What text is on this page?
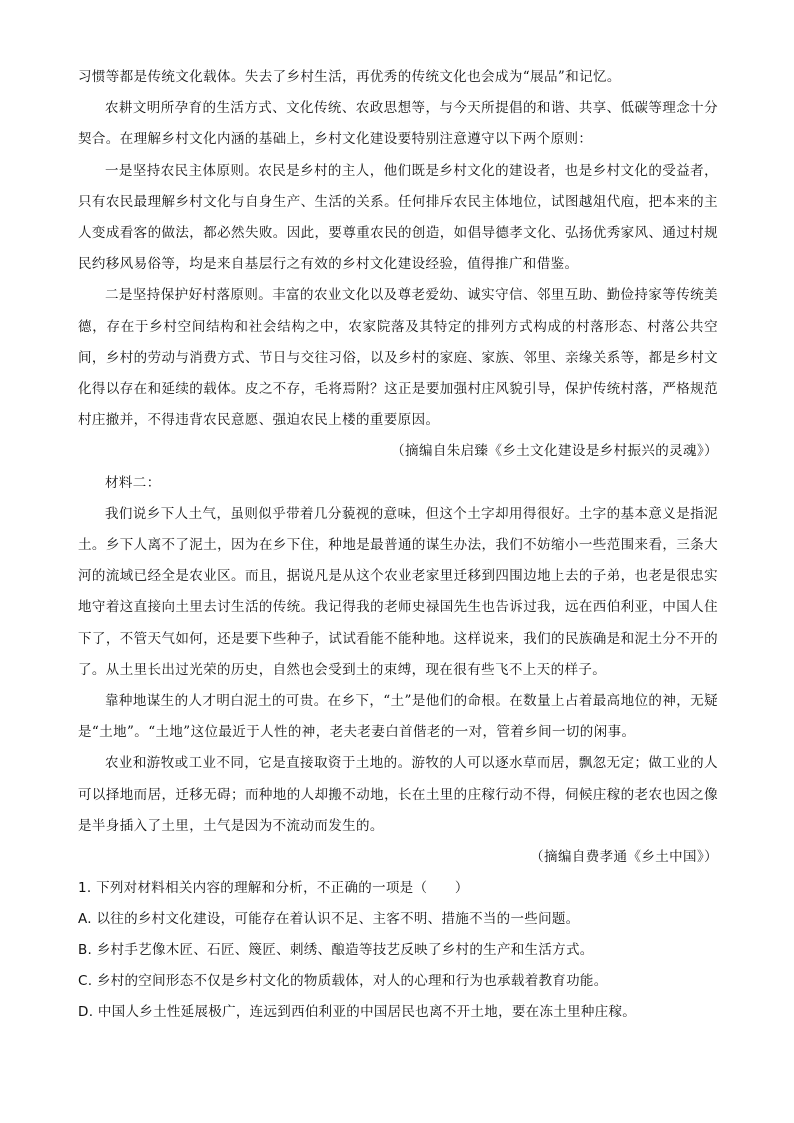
习惯等都是传统文化载体。失去了乡村生活，再优秀的传统文化也会成为“展品”和记忆。

农耕文明所孕育的生活方式、文化传统、农政思想等，与今天所提倡的和谐、共享、低碳等理念十分契合。在理解乡村文化内涵的基础上，乡村文化建设要特别注意遵守以下两个原则：

一是坚持农民主体原则。农民是乡村的主人，他们既是乡村文化的建设者，也是乡村文化的受益者，只有农民最理解乡村文化与自身生产、生活的关系。任何排斥农民主体地位，试图越俎代庖，把本来的主人变成看客的做法，都必然失败。因此，要尊重农民的创造，如倡导德孝文化、弘扬优秀家风、通过村规民约移风易俗等，均是来自基层行之有效的乡村文化建设经验，值得推广和借鉴。

二是坚持保护好村落原则。丰富的农业文化以及尊老爱幼、诚实守信、邻里互助、勤俭持家等传统美德，存在于乡村空间结构和社会结构之中，农家院落及其特定的排列方式构成的村落形态、村落公共空间，乡村的劳动与消费方式、节日与交往习俗，以及乡村的家庭、家族、邻里、亲缘关系等，都是乡村文化得以存在和延续的载体。皮之不存，毛将焉附？这正是要加强村庄风貌引导，保护传统村落，严格规范村庄撤并，不得违背农民意愿、强迫农民上楼的重要原因。

（摘编自朱启臻《乡土文化建设是乡村振兴的灵魂》）

材料二：

我们说乡下人土气，虽则似乎带着几分藐视的意味，但这个土字却用得很好。土字的基本意义是指泥土。乡下人离不了泥土，因为在乡下住，种地是最普通的谋生办法，我们不妨缩小一些范围来看，三条大河的流域已经全是农业区。而且，据说凡是从这个农业老家里迁移到四围边地上去的子弟，也老是很忠实地守着这直接向土里去讨生活的传统。我记得我的老师史禄国先生也告诉过我，远在西伯利亚，中国人住下了，不管天气如何，还是要下些种子，试试看能不能种地。这样说来，我们的民族确是和泥土分不开的了。从土里长出过光荣的历史，自然也会受到土的束缚，现在很有些飞不上天的样子。

靠种地谋生的人才明白泥土的可贵。在乡下，“土”是他们的命根。在数量上占着最高地位的神，无疑是“土地”。“土地”这位最近于人性的神，老夫老妻白首偕老的一对，管着乡间一切的闲事。

农业和游牧或工业不同，它是直接取资于土地的。游牧的人可以逐水草而居，飘忽无定；做工业的人可以择地而居，迁移无碍；而种地的人却搬不动地，长在土里的庄稼行动不得，伺候庄稼的老农也因之像是半身插入了土里，土气是因为不流动而发生的。

（摘编自费孝通《乡土中国》）

1. 下列对材料相关内容的理解和分析，不正确的一项是（　　）

A. 以往的乡村文化建设，可能存在着认识不足、主客不明、措施不当的一些问题。

B. 乡村手艺像木匠、石匠、篾匠、刺绣、酿造等技艺反映了乡村的生产和生活方式。

C. 乡村的空间形态不仅是乡村文化的物质载体，对人的心理和行为也承载着教育功能。

D. 中国人乡土性延展极广，连远到西伯利亚的中国居民也离不开土地，要在冻土里种庄稼。
